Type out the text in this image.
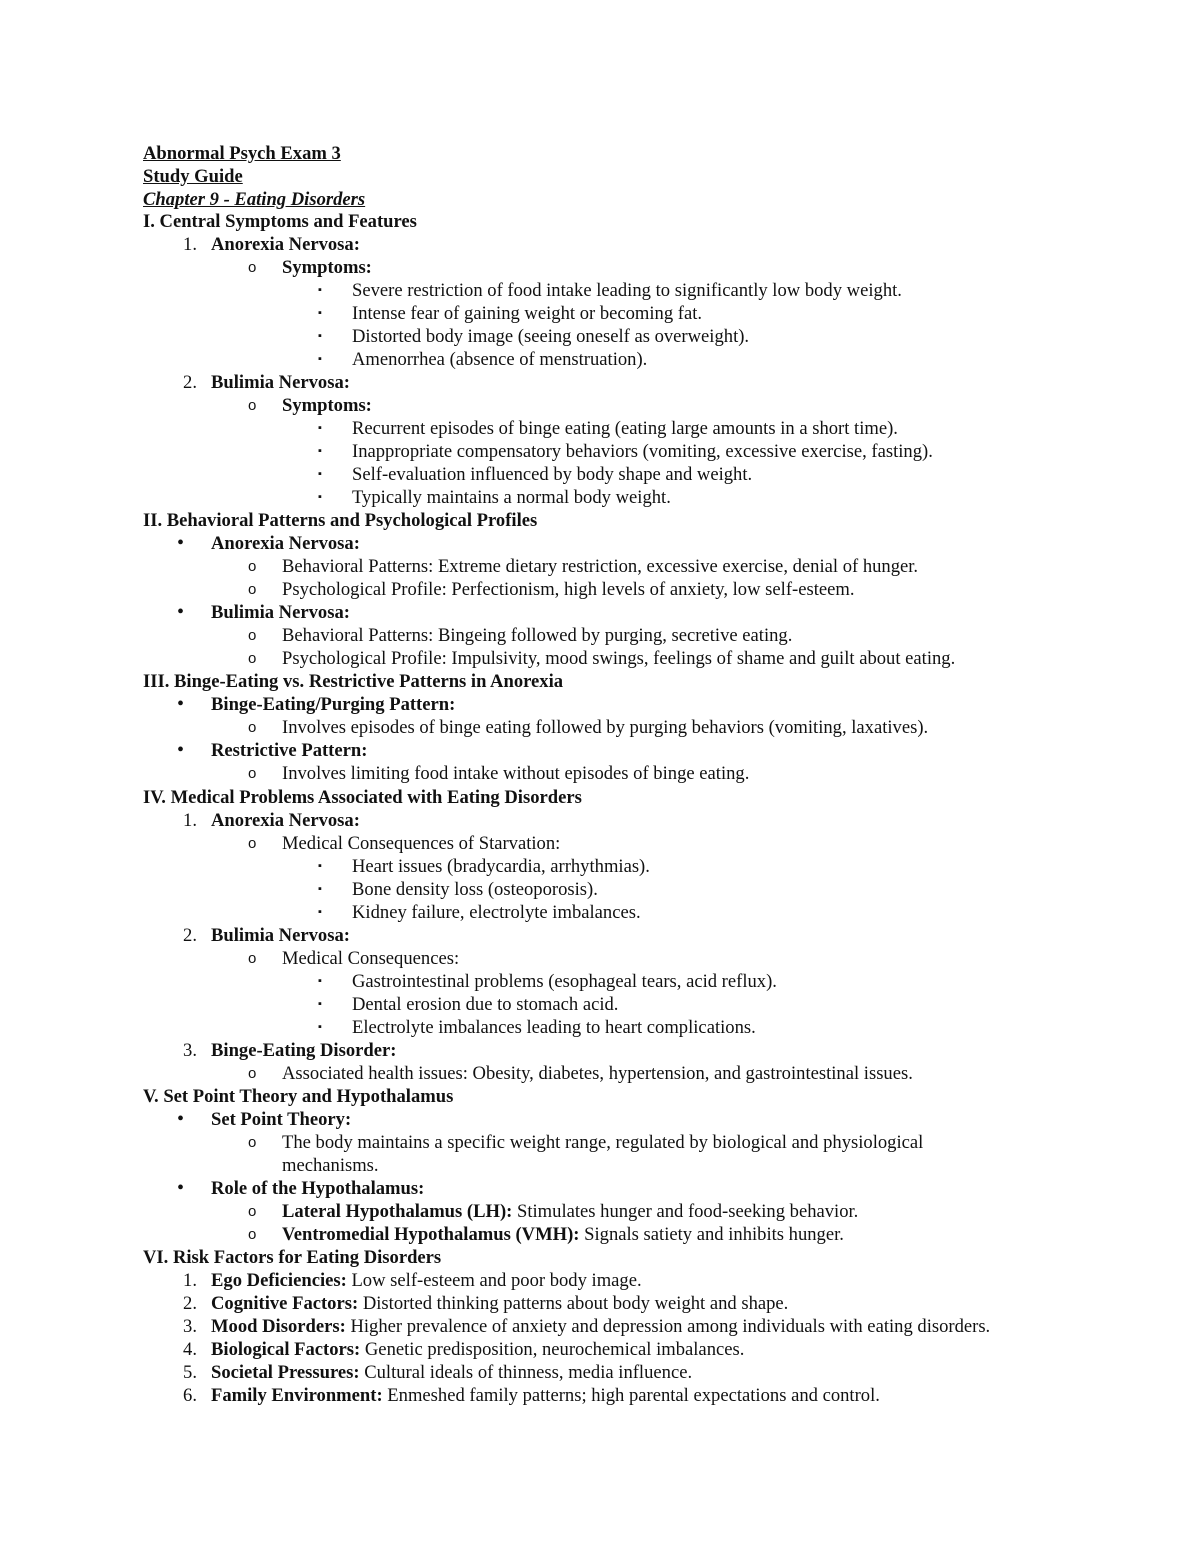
Abnormal Psych Exam 3
Study Guide
Chapter 9 - Eating Disorders
I. Central Symptoms and Features
1. Anorexia Nervosa:
o Symptoms:
▪ Severe restriction of food intake leading to significantly low body weight.
▪ Intense fear of gaining weight or becoming fat.
▪ Distorted body image (seeing oneself as overweight).
▪ Amenorrhea (absence of menstruation).
2. Bulimia Nervosa:
o Symptoms:
▪ Recurrent episodes of binge eating (eating large amounts in a short time).
▪ Inappropriate compensatory behaviors (vomiting, excessive exercise, fasting).
▪ Self-evaluation influenced by body shape and weight.
▪ Typically maintains a normal body weight.
II. Behavioral Patterns and Psychological Profiles
• Anorexia Nervosa:
o Behavioral Patterns: Extreme dietary restriction, excessive exercise, denial of hunger.
o Psychological Profile: Perfectionism, high levels of anxiety, low self-esteem.
• Bulimia Nervosa:
o Behavioral Patterns: Bingeing followed by purging, secretive eating.
o Psychological Profile: Impulsivity, mood swings, feelings of shame and guilt about eating.
III. Binge-Eating vs. Restrictive Patterns in Anorexia
• Binge-Eating/Purging Pattern:
o Involves episodes of binge eating followed by purging behaviors (vomiting, laxatives).
• Restrictive Pattern:
o Involves limiting food intake without episodes of binge eating.
IV. Medical Problems Associated with Eating Disorders
1. Anorexia Nervosa:
o Medical Consequences of Starvation:
▪ Heart issues (bradycardia, arrhythmias).
▪ Bone density loss (osteoporosis).
▪ Kidney failure, electrolyte imbalances.
2. Bulimia Nervosa:
o Medical Consequences:
▪ Gastrointestinal problems (esophageal tears, acid reflux).
▪ Dental erosion due to stomach acid.
▪ Electrolyte imbalances leading to heart complications.
3. Binge-Eating Disorder:
o Associated health issues: Obesity, diabetes, hypertension, and gastrointestinal issues.
V. Set Point Theory and Hypothalamus
• Set Point Theory:
o The body maintains a specific weight range, regulated by biological and physiological
mechanisms.
• Role of the Hypothalamus:
o Lateral Hypothalamus (LH): Stimulates hunger and food-seeking behavior.
o Ventromedial Hypothalamus (VMH): Signals satiety and inhibits hunger.
VI. Risk Factors for Eating Disorders
1. Ego Deficiencies: Low self-esteem and poor body image.
2. Cognitive Factors: Distorted thinking patterns about body weight and shape.
3. Mood Disorders: Higher prevalence of anxiety and depression among individuals with eating disorders.
4. Biological Factors: Genetic predisposition, neurochemical imbalances.
5. Societal Pressures: Cultural ideals of thinness, media influence.
6. Family Environment: Enmeshed family patterns; high parental expectations and control.
